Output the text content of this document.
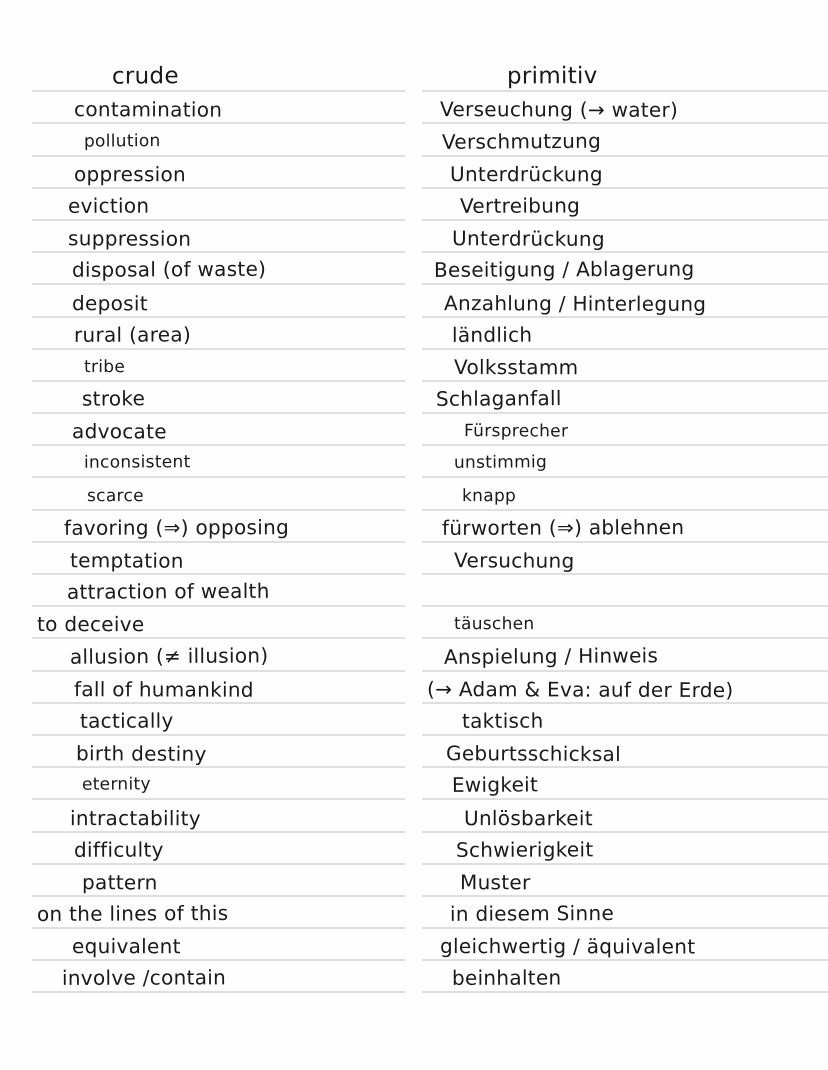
crude
contamination
pollution
oppression
eviction
suppression
disposal (of waste)
deposit
rural (area)
tribe
stroke
advocate
inconsistent
scarce
favoring (⇒) opposing
temptation
attraction of wealth
to deceive
allusion (≠ illusion)
fall of humankind
tactically
birth destiny
eternity
intractability
difficulty
pattern
on the lines of this
equivalent
involve /contain
primitiv
Verseuchung (→ water)
Verschmutzung
Unterdrückung
Vertreibung
Unterdrückung
Beseitigung / Ablagerung
Anzahlung / Hinterlegung
ländlich
Volksstamm
Schlaganfall
Fürsprecher
unstimmig
knapp
fürworten (⇒) ablehnen
Versuchung
täuschen
Anspielung / Hinweis
(→ Adam & Eva: auf der Erde)
taktisch
Geburtsschicksal
Ewigkeit
Unlösbarkeit
Schwierigkeit
Muster
in diesem Sinne
gleichwertig / äquivalent
beinhalten
